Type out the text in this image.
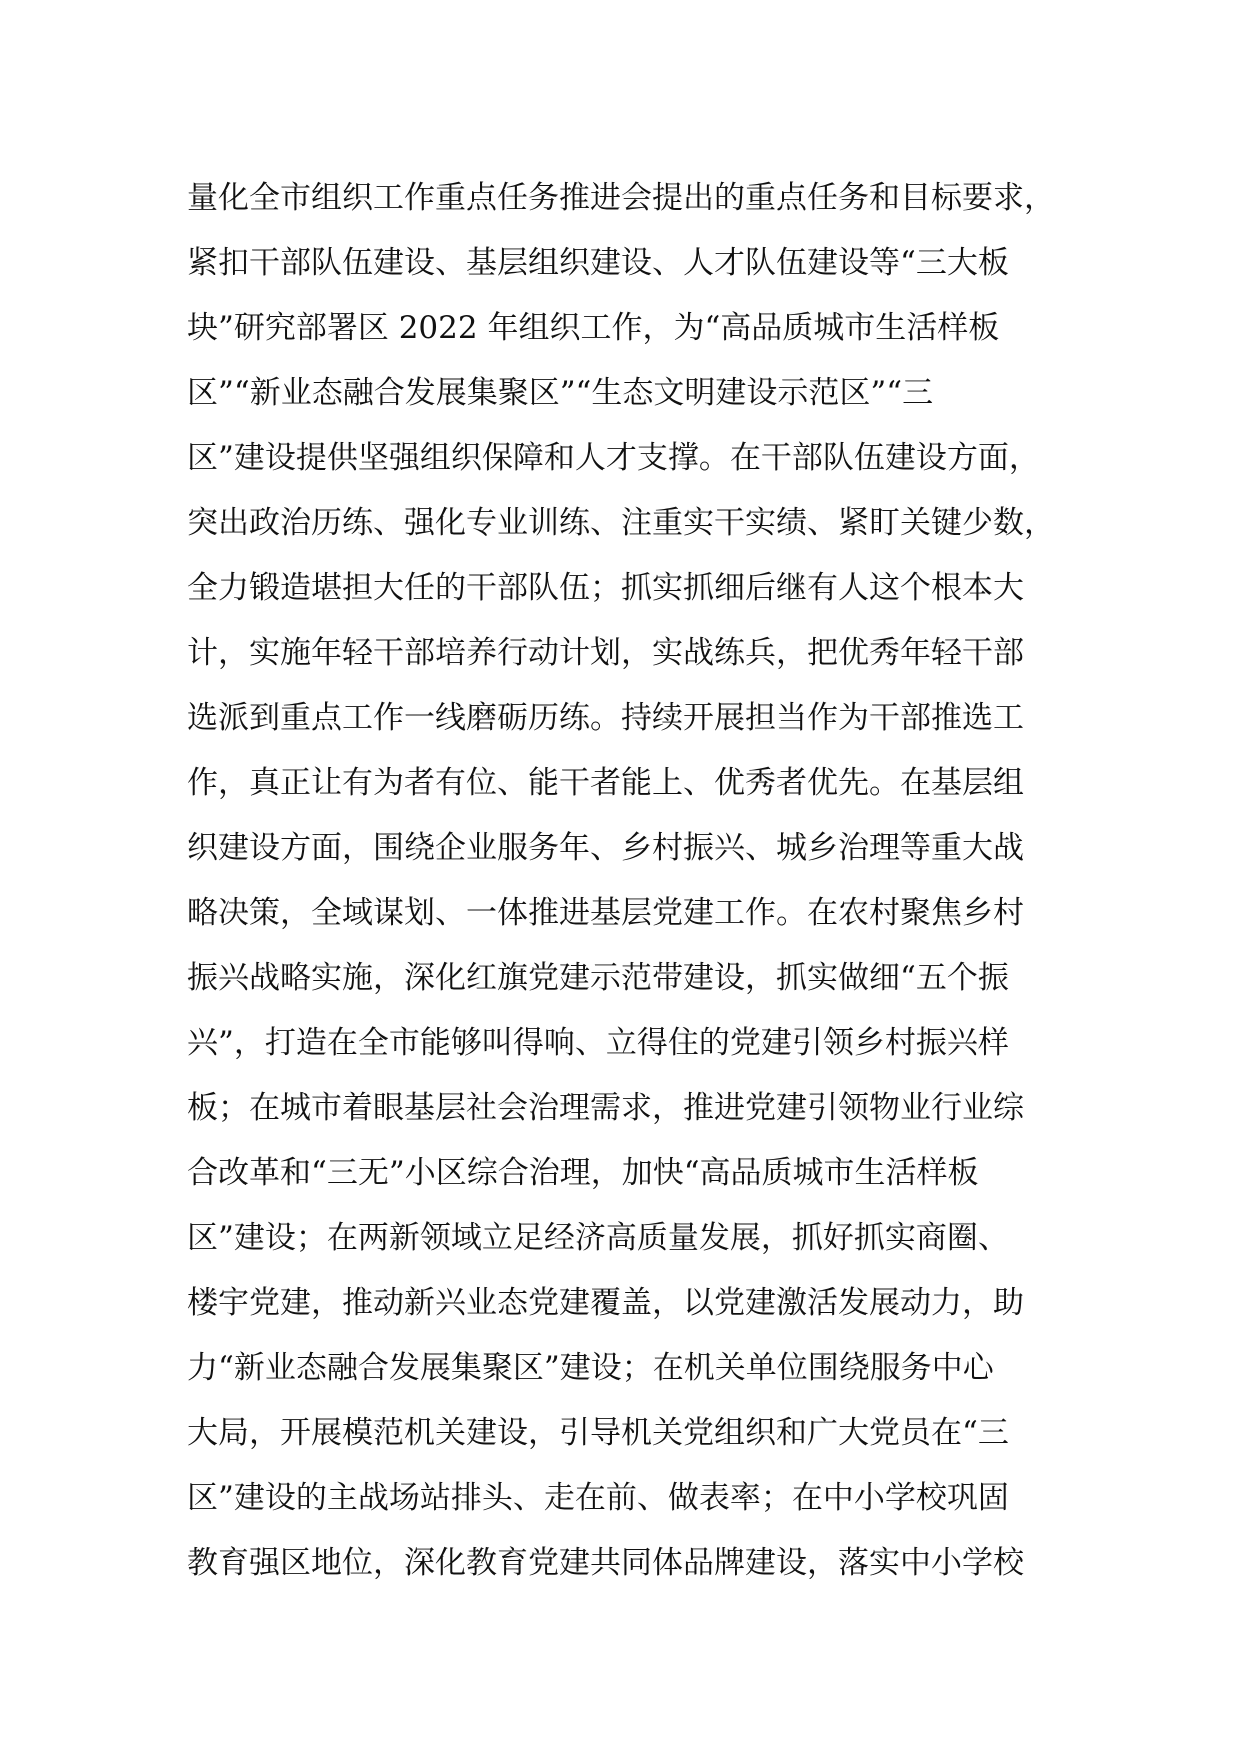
量化全市组织工作重点任务推进会提出的重点任务和目标要求，
紧扣干部队伍建设、基层组织建设、人才队伍建设等“三大板
块”研究部署区 2022 年组织工作，为“高品质城市生活样板
区”“新业态融合发展集聚区”“生态文明建设示范区”“三
区”建设提供坚强组织保障和人才支撑。在干部队伍建设方面，
突出政治历练、强化专业训练、注重实干实绩、紧盯关键少数，
全力锻造堪担大任的干部队伍；抓实抓细后继有人这个根本大
计，实施年轻干部培养行动计划，实战练兵，把优秀年轻干部
选派到重点工作一线磨砺历练。持续开展担当作为干部推选工
作，真正让有为者有位、能干者能上、优秀者优先。在基层组
织建设方面，围绕企业服务年、乡村振兴、城乡治理等重大战
略决策，全域谋划、一体推进基层党建工作。在农村聚焦乡村
振兴战略实施，深化红旗党建示范带建设，抓实做细“五个振
兴”，打造在全市能够叫得响、立得住的党建引领乡村振兴样
板；在城市着眼基层社会治理需求，推进党建引领物业行业综
合改革和“三无”小区综合治理，加快“高品质城市生活样板
区”建设；在两新领域立足经济高质量发展，抓好抓实商圈、
楼宇党建，推动新兴业态党建覆盖，以党建激活发展动力，助
力“新业态融合发展集聚区”建设；在机关单位围绕服务中心
大局，开展模范机关建设，引导机关党组织和广大党员在“三
区”建设的主战场站排头、走在前、做表率；在中小学校巩固
教育强区地位，深化教育党建共同体品牌建设，落实中小学校
